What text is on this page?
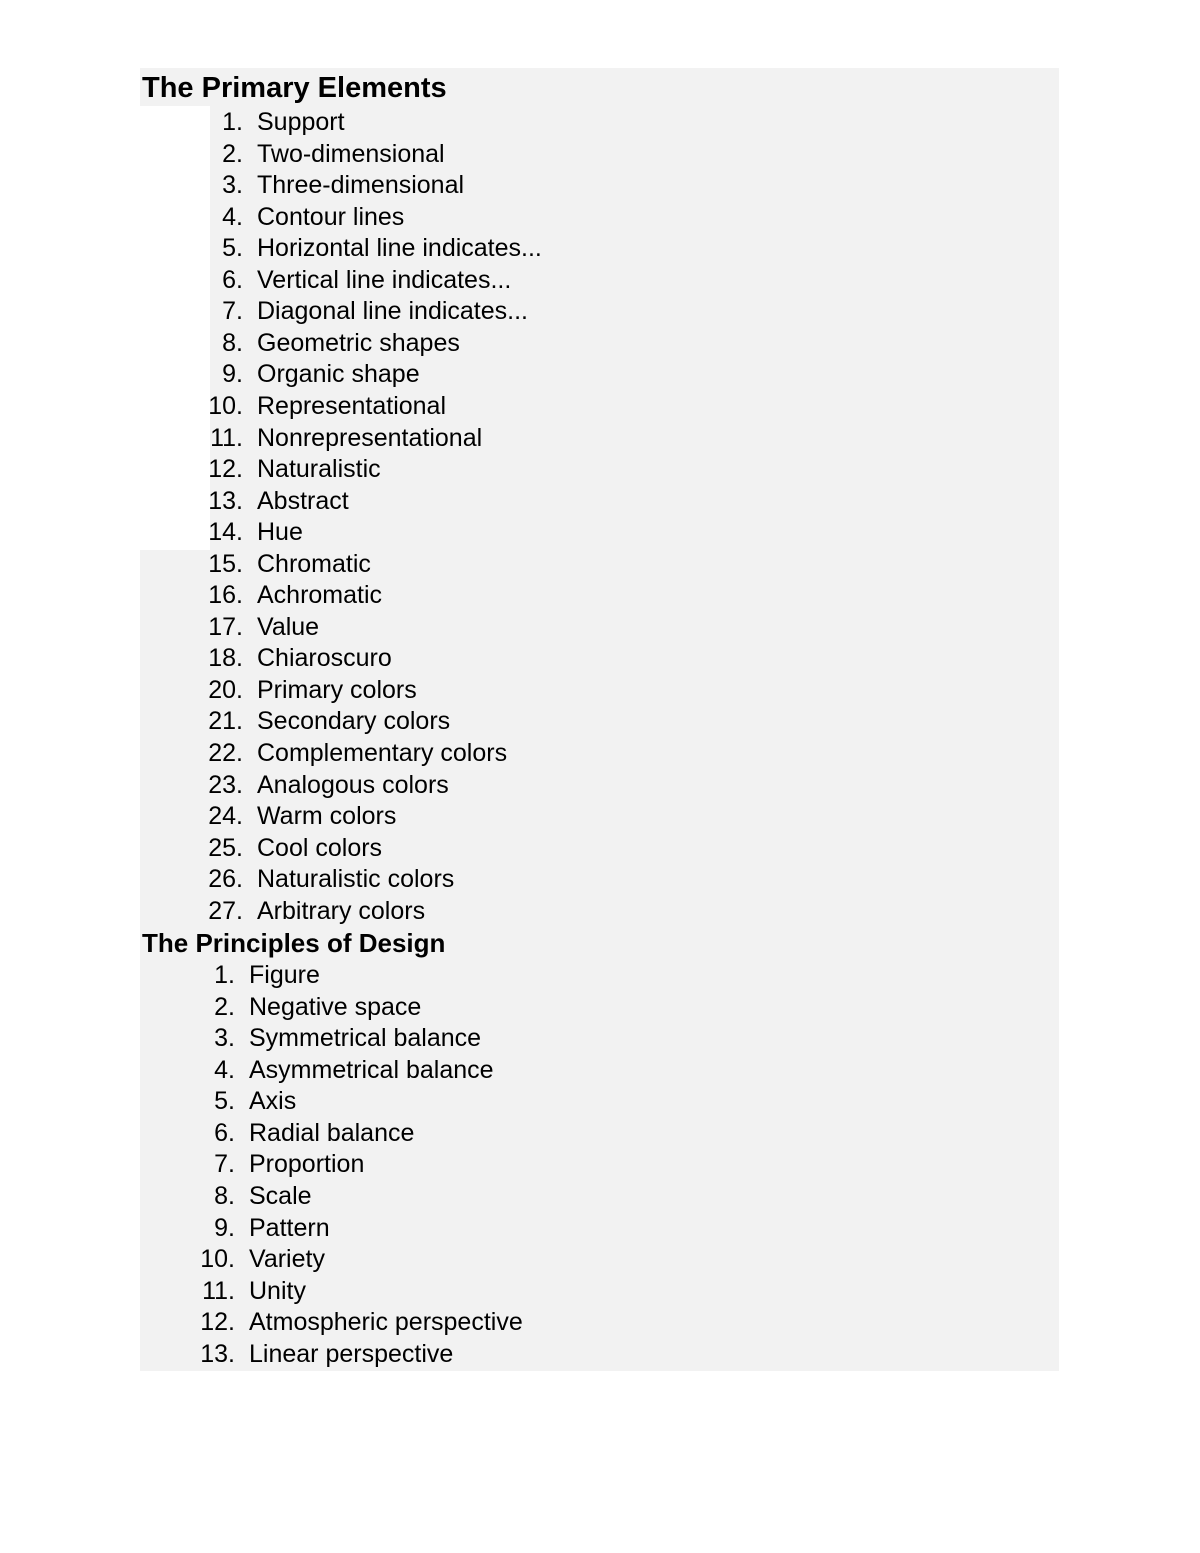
The Primary Elements
1. Support
2. Two-dimensional
3. Three-dimensional
4. Contour lines
5. Horizontal line indicates...
6. Vertical line indicates...
7. Diagonal line indicates...
8. Geometric shapes
9. Organic shape
10. Representational
11. Nonrepresentational
12. Naturalistic
13. Abstract
14. Hue
15. Chromatic
16. Achromatic
17. Value
18. Chiaroscuro
20. Primary colors
21. Secondary colors
22. Complementary colors
23. Analogous colors
24. Warm colors
25. Cool colors
26. Naturalistic colors
27. Arbitrary colors
The Principles of Design
1. Figure
2. Negative space
3. Symmetrical balance
4. Asymmetrical balance
5. Axis
6. Radial balance
7. Proportion
8. Scale
9. Pattern
10. Variety
11. Unity
12. Atmospheric perspective
13. Linear perspective
